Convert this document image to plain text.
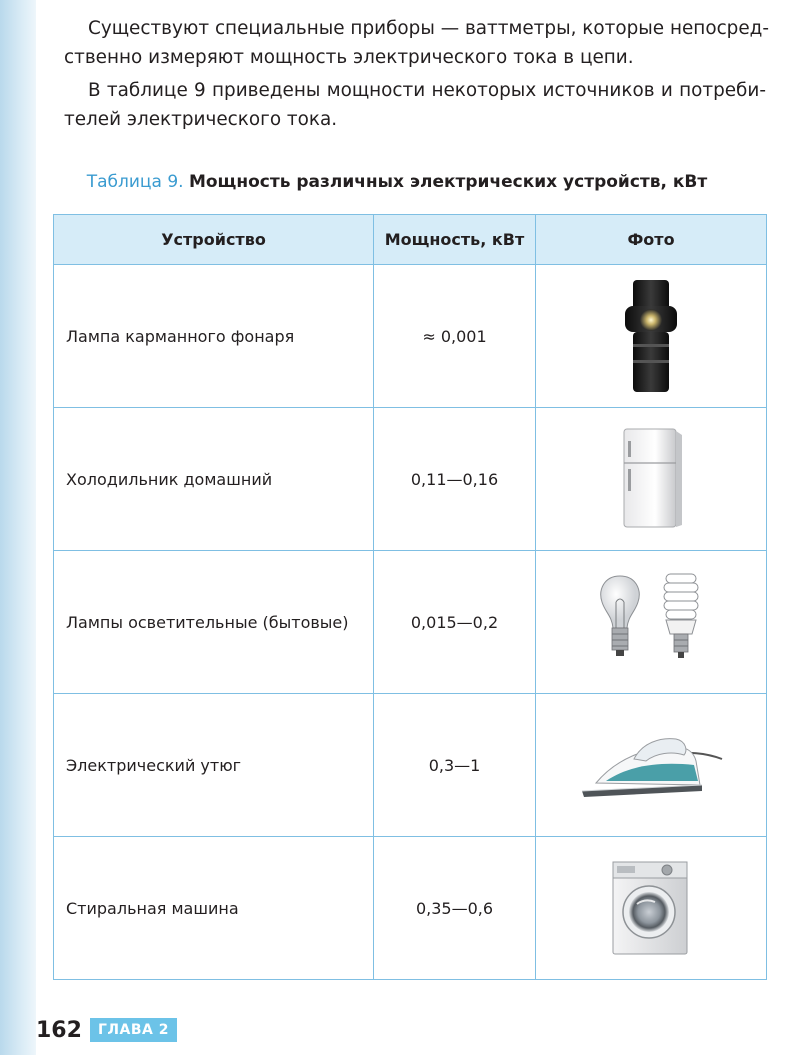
Существуют специальные приборы — ваттметры, которые непосред-
ственно измеряют мощность электрического тока в цепи.
В таблице 9 приведены мощности некоторых источников и потреби-
телей электрического тока.
Таблица 9. Мощность различных электрических устройств, кВт
Устройство	Мощность, кВт	Фото
Лампа карманного фонаря	≈ 0,001	
Холодильник домашний	0,11—0,16	
Лампы осветительные (бытовые)	0,015—0,2	
Электрический утюг	0,3—1	
Стиральная машина	0,35—0,6	
162	ГЛАВА 2
